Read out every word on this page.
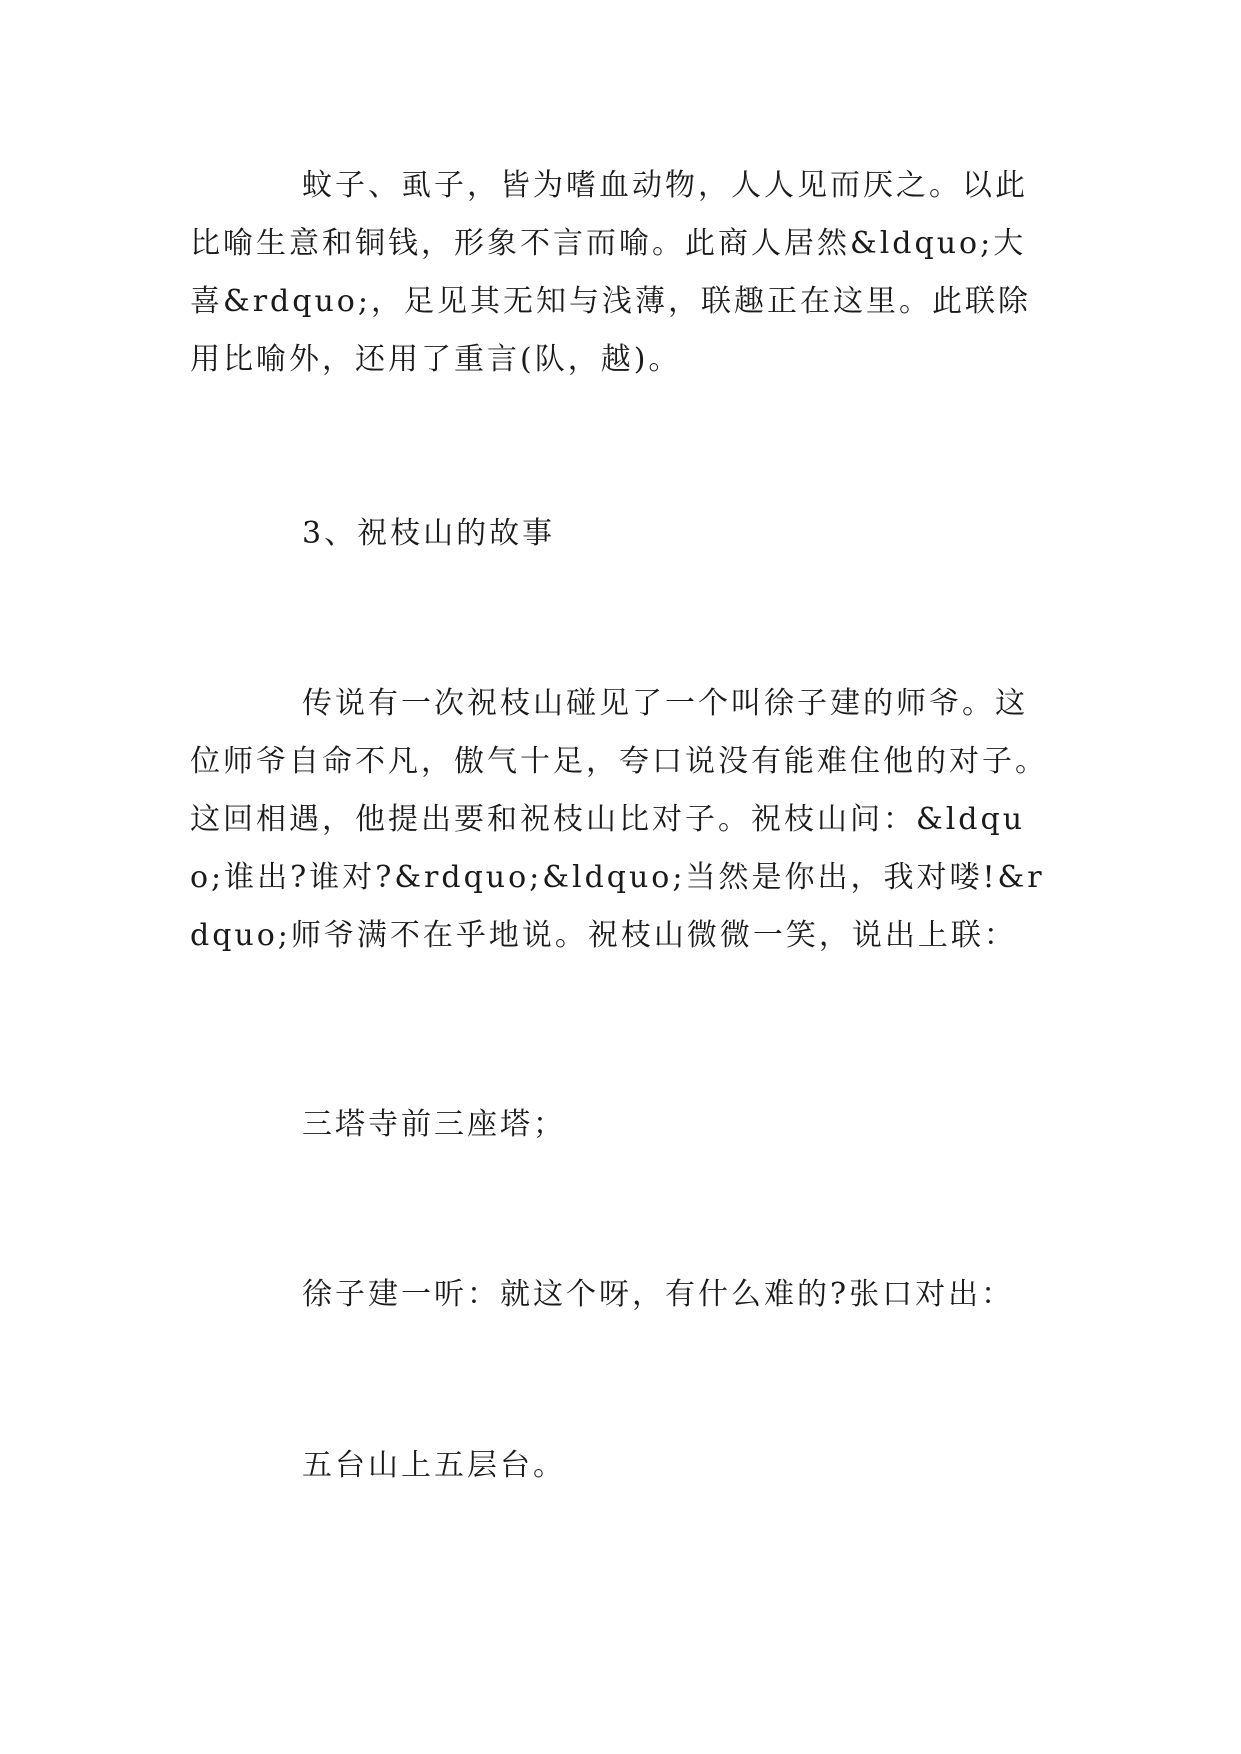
蚊子、虱子，皆为嗜血动物，人人见而厌之。以此比喻生意和铜钱，形象不言而喻。此商人居然&ldquo;大喜&rdquo;，足见其无知与浅薄，联趣正在这里。此联除用比喻外，还用了重言(队，越)。

3、祝枝山的故事

传说有一次祝枝山碰见了一个叫徐子建的师爷。这位师爷自命不凡，傲气十足，夸口说没有能难住他的对子。这回相遇，他提出要和祝枝山比对子。祝枝山问：&ldquo;谁出?谁对?&rdquo;&ldquo;当然是你出，我对喽!&rdquo;师爷满不在乎地说。祝枝山微微一笑，说出上联：

三塔寺前三座塔；

徐子建一听：就这个呀，有什么难的?张口对出：

五台山上五层台。
